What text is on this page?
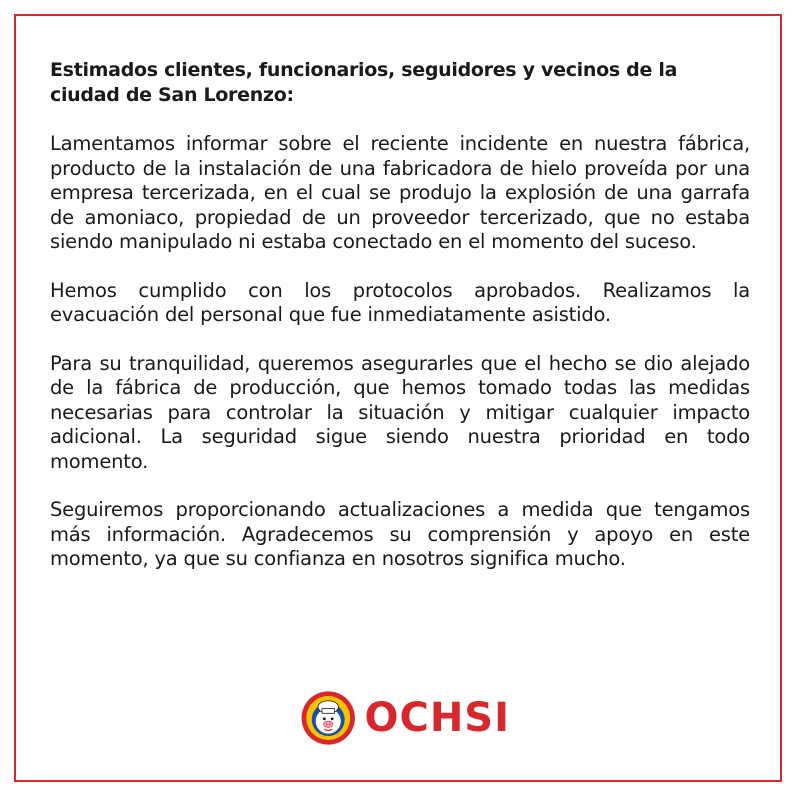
Estimados clientes, funcionarios, seguidores y vecinos de la ciudad de San Lorenzo:

Lamentamos informar sobre el reciente incidente en nuestra fábrica, producto de la instalación de una fabricadora de hielo proveída por una empresa tercerizada, en el cual se produjo la explosión de una garrafa de amoniaco, propiedad de un proveedor tercerizado, que no estaba siendo manipulado ni estaba conectado en el momento del suceso.

Hemos cumplido con los protocolos aprobados. Realizamos la evacuación del personal que fue inmediatamente asistido.

Para su tranquilidad, queremos asegurarles que el hecho se dio alejado de la fábrica de producción, que hemos tomado todas las medidas necesarias para controlar la situación y mitigar cualquier impacto adicional. La seguridad sigue siendo nuestra prioridad en todo momento.

Seguiremos proporcionando actualizaciones a medida que tengamos más información. Agradecemos su comprensión y apoyo en este momento, ya que su confianza en nosotros significa mucho.

OCHSI
